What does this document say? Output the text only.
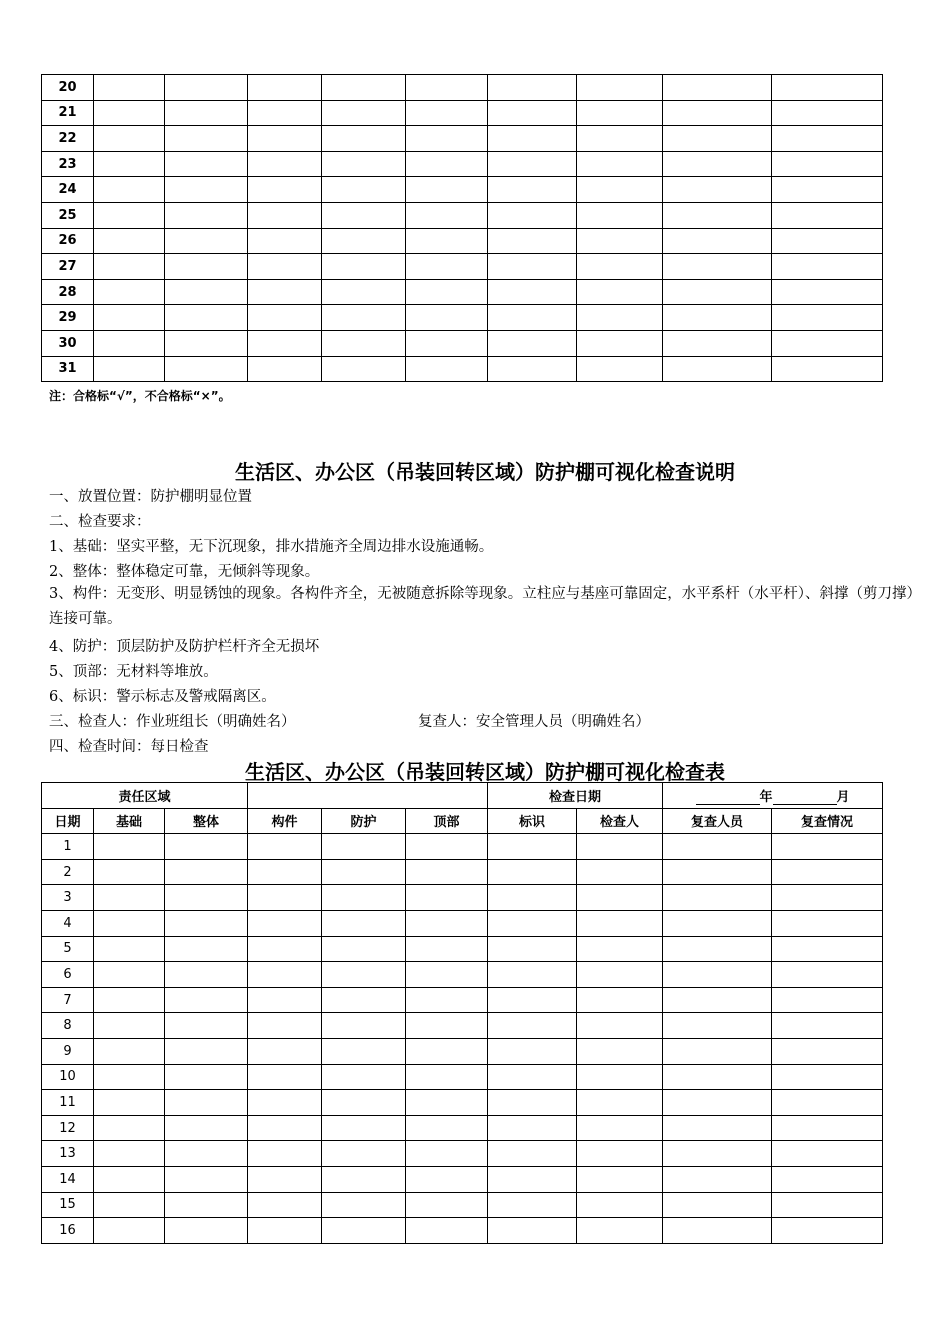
20									
21									
22									
23									
24									
25									
26									
27									
28									
29									
30									
31									
注：合格标“√”，不合格标“×”。
生活区、办公区（吊装回转区域）防护棚可视化检查说明
一、放置位置：防护棚明显位置
二、检查要求：
1、基础：坚实平整，无下沉现象，排水措施齐全周边排水设施通畅。
2、整体：整体稳定可靠，无倾斜等现象。
3、构件：无变形、明显锈蚀的现象。各构件齐全，无被随意拆除等现象。立柱应与基座可靠固定，水平系杆（水平杆）、斜撑（剪刀撑）连接可靠。
4、防护：顶层防护及防护栏杆齐全无损坏
5、顶部：无材料等堆放。
6、标识：警示标志及警戒隔离区。
三、检查人：作业班组长（明确姓名）	复查人：安全管理人员（明确姓名）
四、检查时间：每日检查
生活区、办公区（吊装回转区域）防护棚可视化检查表
责任区域						检查日期		年 月	
日期	基础	整体	构件	防护	顶部	标识	检查人	复查人员	复查情况
1									
2									
3									
4									
5									
6									
7									
8									
9									
10									
11									
12									
13									
14									
15									
16									
